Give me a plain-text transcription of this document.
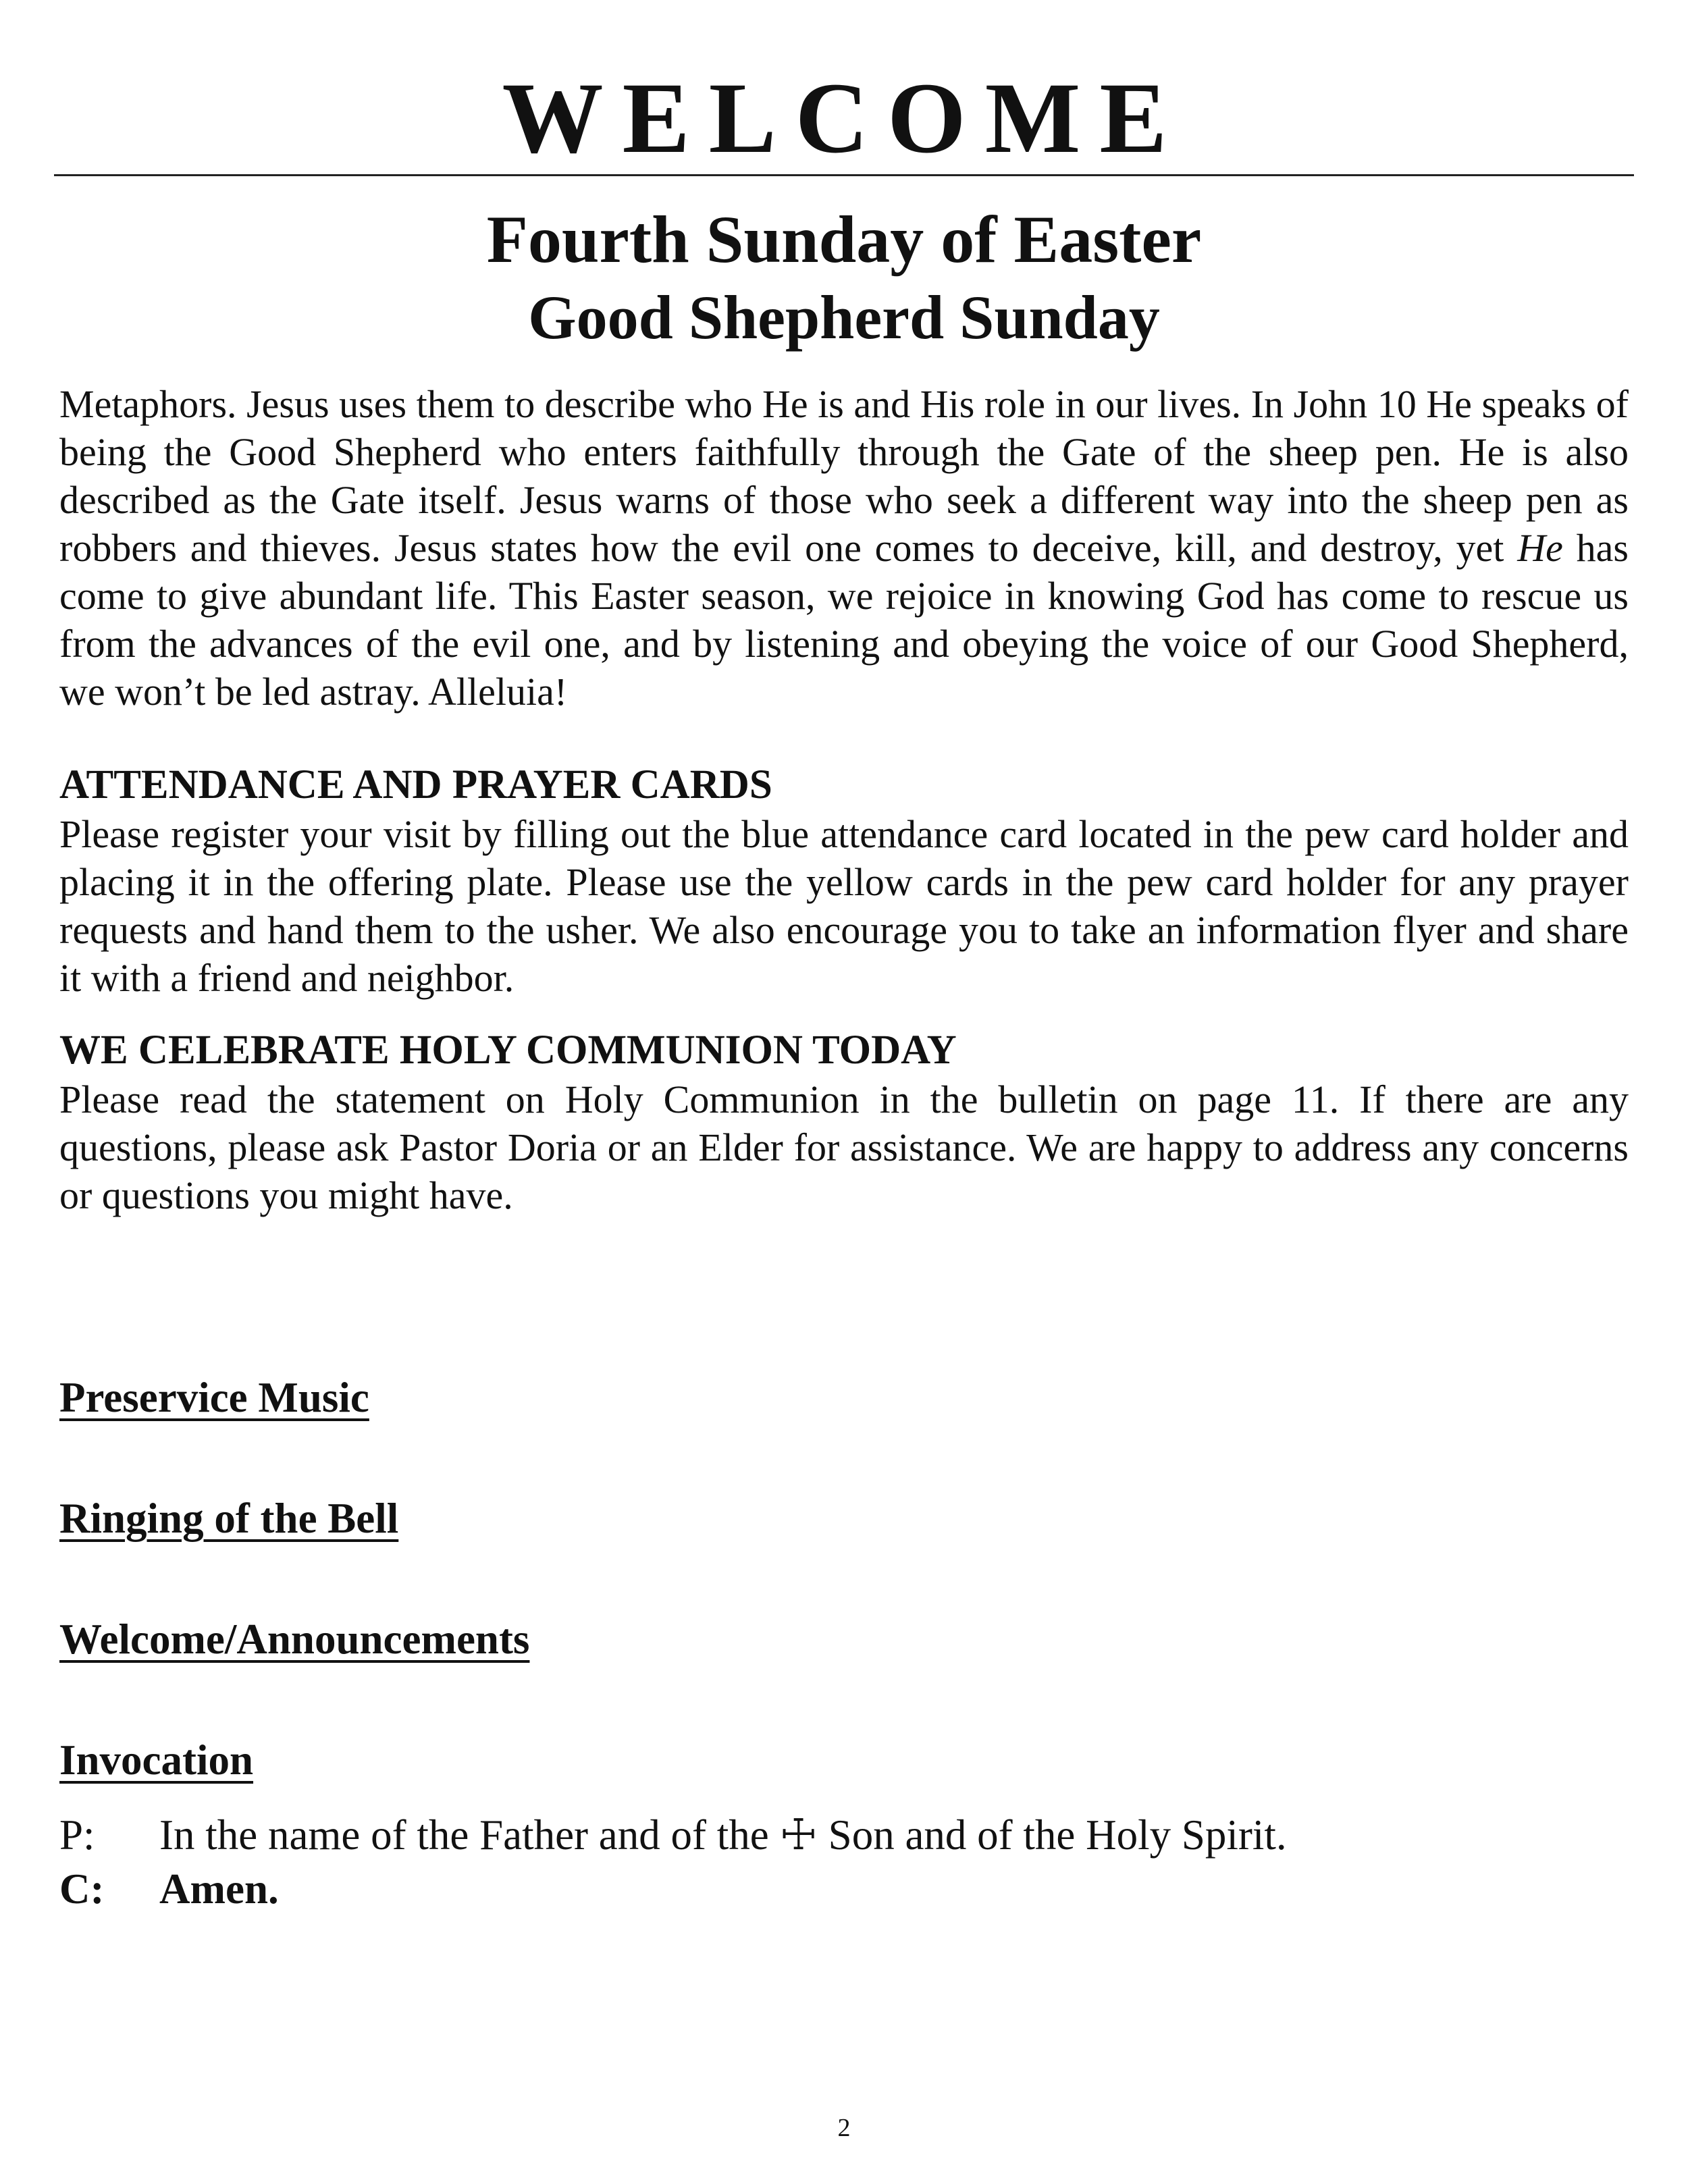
WELCOME
Fourth Sunday of Easter
Good Shepherd Sunday

Metaphors. Jesus uses them to describe who He is and His role in our lives. In John 10 He speaks of being the Good Shepherd who enters faithfully through the Gate of the sheep pen. He is also described as the Gate itself. Jesus warns of those who seek a different way into the sheep pen as robbers and thieves. Jesus states how the evil one comes to deceive, kill, and destroy, yet He has come to give abundant life. This Easter season, we rejoice in knowing God has come to rescue us from the advances of the evil one, and by listening and obeying the voice of our Good Shepherd, we won’t be led astray. Alleluia!

ATTENDANCE AND PRAYER CARDS

Please register your visit by filling out the blue attendance card located in the pew card holder and placing it in the offering plate. Please use the yellow cards in the pew card holder for any prayer requests and hand them to the usher. We also encourage you to take an information flyer and share it with a friend and neighbor.

WE CELEBRATE HOLY COMMUNION TODAY

Please read the statement on Holy Communion in the bulletin on page 11. If there are any questions, please ask Pastor Doria or an Elder for assistance. We are happy to address any concerns or questions you might have.

Preservice Music
Ringing of the Bell
Welcome/Announcements
Invocation
P:	In the name of the Father and of the ☩ Son and of the Holy Spirit.
C:	Amen.
2
